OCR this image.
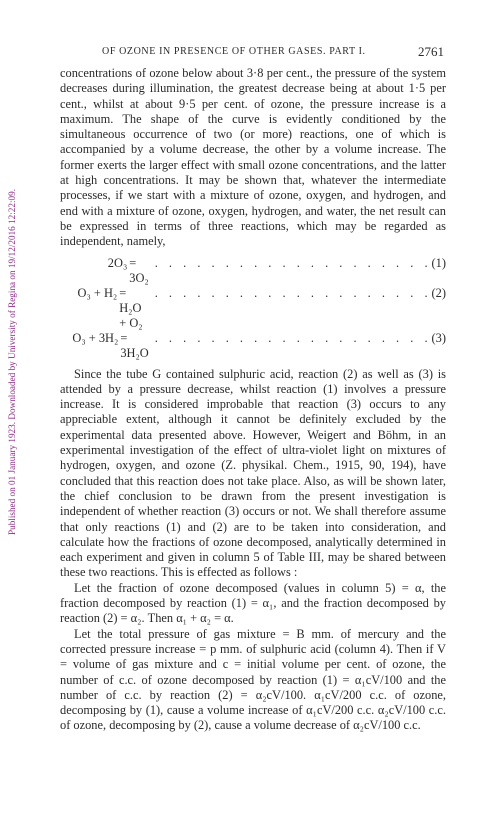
Published on 01 January 1923. Downloaded by University of Regina on 19/12/2016 12:22:09.
OF OZONE IN PRESENCE OF OTHER GASES. PART I.	2761

concentrations of ozone below about 3·8 per cent., the pressure of the system decreases during illumination, the greatest decrease being at about 1·5 per cent., whilst at about 9·5 per cent. of ozone, the pressure increase is a maximum. The shape of the curve is evidently conditioned by the simultaneous occurrence of two (or more) reactions, one of which is accompanied by a volume decrease, the other by a volume increase. The former exerts the larger effect with small ozone concentrations, and the latter at high concentrations. It may be shown that, whatever the intermediate processes, if we start with a mixture of ozone, oxygen, and hydrogen, and end with a mixture of ozone, oxygen, hydrogen, and water, the net result can be expressed in terms of three reactions, which may be regarded as independent, namely,

2O₃ = 3O₂
. . . . . . . . . . . . . . . . . . . . (1)
O₃ + H₂ = H₂O + O₂
. . . . . . . . . . . . . . . . . . . . (2)
O₃ + 3H₂ = 3H₂O
. . . . . . . . . . . . . . . . . . . . (3)

Since the tube G contained sulphuric acid, reaction (2) as well as (3) is attended by a pressure decrease, whilst reaction (1) involves a pressure increase. It is considered improbable that reaction (3) occurs to any appreciable extent, although it cannot be definitely excluded by the experimental data presented above. However, Weigert and Böhm, in an experimental investigation of the effect of ultra-violet light on mixtures of hydrogen, oxygen, and ozone (Z. physikal. Chem., 1915, 90, 194), have concluded that this reaction does not take place. Also, as will be shown later, the chief conclusion to be drawn from the present investigation is independent of whether reaction (3) occurs or not. We shall therefore assume that only reactions (1) and (2) are to be taken into consideration, and calculate how the fractions of ozone decomposed, analytically determined in each experiment and given in column 5 of Table III, may be shared between these two reactions. This is effected as follows :

Let the fraction of ozone decomposed (values in column 5) = α, the fraction decomposed by reaction (1) = α₁, and the fraction decomposed by reaction (2) = α₂. Then α₁ + α₂ = α.

Let the total pressure of gas mixture = B mm. of mercury and the corrected pressure increase = p mm. of sulphuric acid (column 4). Then if V = volume of gas mixture and c = initial volume per cent. of ozone, the number of c.c. of ozone decomposed by reaction (1) = α₁cV/100 and the number of c.c. by reaction (2) = α₂cV/100. α₁cV/200 c.c. of ozone, decomposing by (1), cause a volume increase of α₁cV/200 c.c. α₂cV/100 c.c. of ozone, decomposing by (2), cause a volume decrease of α₂cV/100 c.c.
